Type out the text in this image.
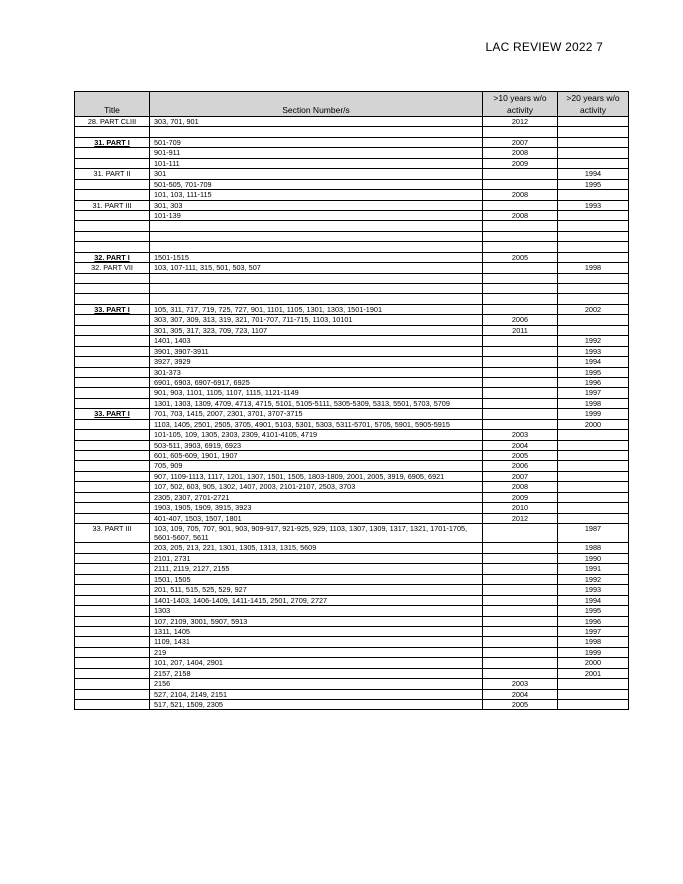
LAC REVIEW 2022 7
Title	Section Number/s	>10 years w/o activity	>20 years w/o activity
28. PART CLIII	303, 701, 901	2012	

31. PART I	501-709	2007	
	901-911	2008	
	101-111	2009	
31. PART II	301		1994
	501-505, 701-709		1995
	101, 103, 111-115	2008	
31. PART III	301, 303		1993
	101-139	2008	

32. PART I	1501-1515	2005	
32. PART VII	103, 107-111, 315, 501, 503, 507		1998

33. PART I	105, 311, 717, 719, 725, 727, 901, 1101, 1105, 1301, 1303, 1501-1901		2002
	303, 307, 309, 313, 319, 321, 701-707, 711-715, 1103, 10101	2006	
	301, 305, 317, 323, 709, 723, 1107	2011	
	1401, 1403		1992
	3901, 3907-3911		1993
	3927, 3929		1994
	301-373		1995
	6901, 6903, 6907-6917, 6925		1996
	901, 903, 1101, 1105, 1107, 1115, 1121-1149		1997
	1301, 1303, 1309, 4709, 4713, 4715, 5101, 5105-5111, 5305-5309, 5313, 5501, 5703, 5709		1998
33. PART I	701, 703, 1415, 2007, 2301, 3701, 3707-3715		1999
	1103, 1405, 2501, 2505, 3705, 4901, 5103, 5301, 5303, 5311-5701, 5705, 5901, 5905-5915		2000
	101-105, 109, 1305, 2303, 2309, 4101-4105, 4719	2003	
	503-511, 3903, 6919, 6923	2004	
	601, 605-609, 1901, 1907	2005	
	705, 909	2006	
	907, 1109-1113, 1117, 1201, 1307, 1501, 1505, 1803-1809, 2001, 2005, 3919, 6905, 6921	2007	
	107, 502, 603, 905, 1302, 1407, 2003, 2101-2107, 2503, 3703	2008	
	2305, 2307, 2701-2721	2009	
	1903, 1905, 1909, 3915, 3923	2010	
	401-407, 1503, 1507, 1801	2012	
33. PART III	103, 109, 705, 707, 901, 903, 909-917, 921-925, 929, 1103, 1307, 1309, 1317, 1321, 1701-1705, 5601-5607, 5611		1987
	203, 205, 213, 221, 1301, 1305, 1313, 1315, 5609		1988
	2101, 2731		1990
	2111, 2119, 2127, 2155		1991
	1501, 1505		1992
	201, 511, 515, 525, 529, 927		1993
	1401-1403, 1406-1409, 1411-1415, 2501, 2709, 2727		1994
	1303		1995
	107, 2109, 3001, 5907, 5913		1996
	1311, 1405		1997
	1109, 1431		1998
	219		1999
	101, 207, 1404, 2901		2000
	2157, 2158		2001
	2156	2003	
	527, 2104, 2149, 2151	2004	
	517, 521, 1509, 2305	2005	
